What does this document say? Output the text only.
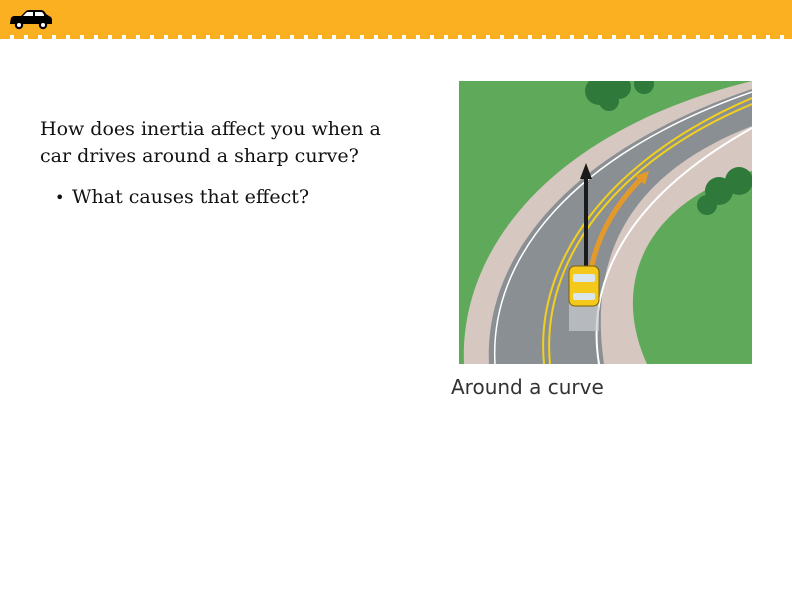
How does inertia affect you when a car drives around a sharp curve?

• What causes that effect?
Around a curve
